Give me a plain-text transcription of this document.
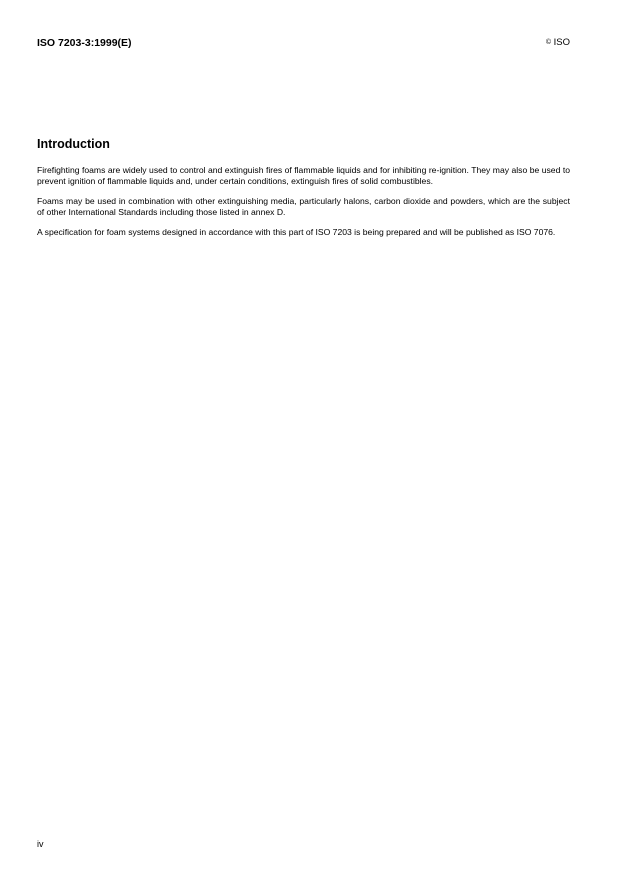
ISO 7203-3:1999(E)	© ISO
Introduction

Firefighting foams are widely used to control and extinguish fires of flammable liquids and for inhibiting re-ignition. They may also be used to prevent ignition of flammable liquids and, under certain conditions, extinguish fires of solid combustibles.

Foams may be used in combination with other extinguishing media, particularly halons, carbon dioxide and powders, which are the subject of other International Standards including those listed in annex D.

A specification for foam systems designed in accordance with this part of ISO 7203 is being prepared and will be published as ISO 7076.

iv
